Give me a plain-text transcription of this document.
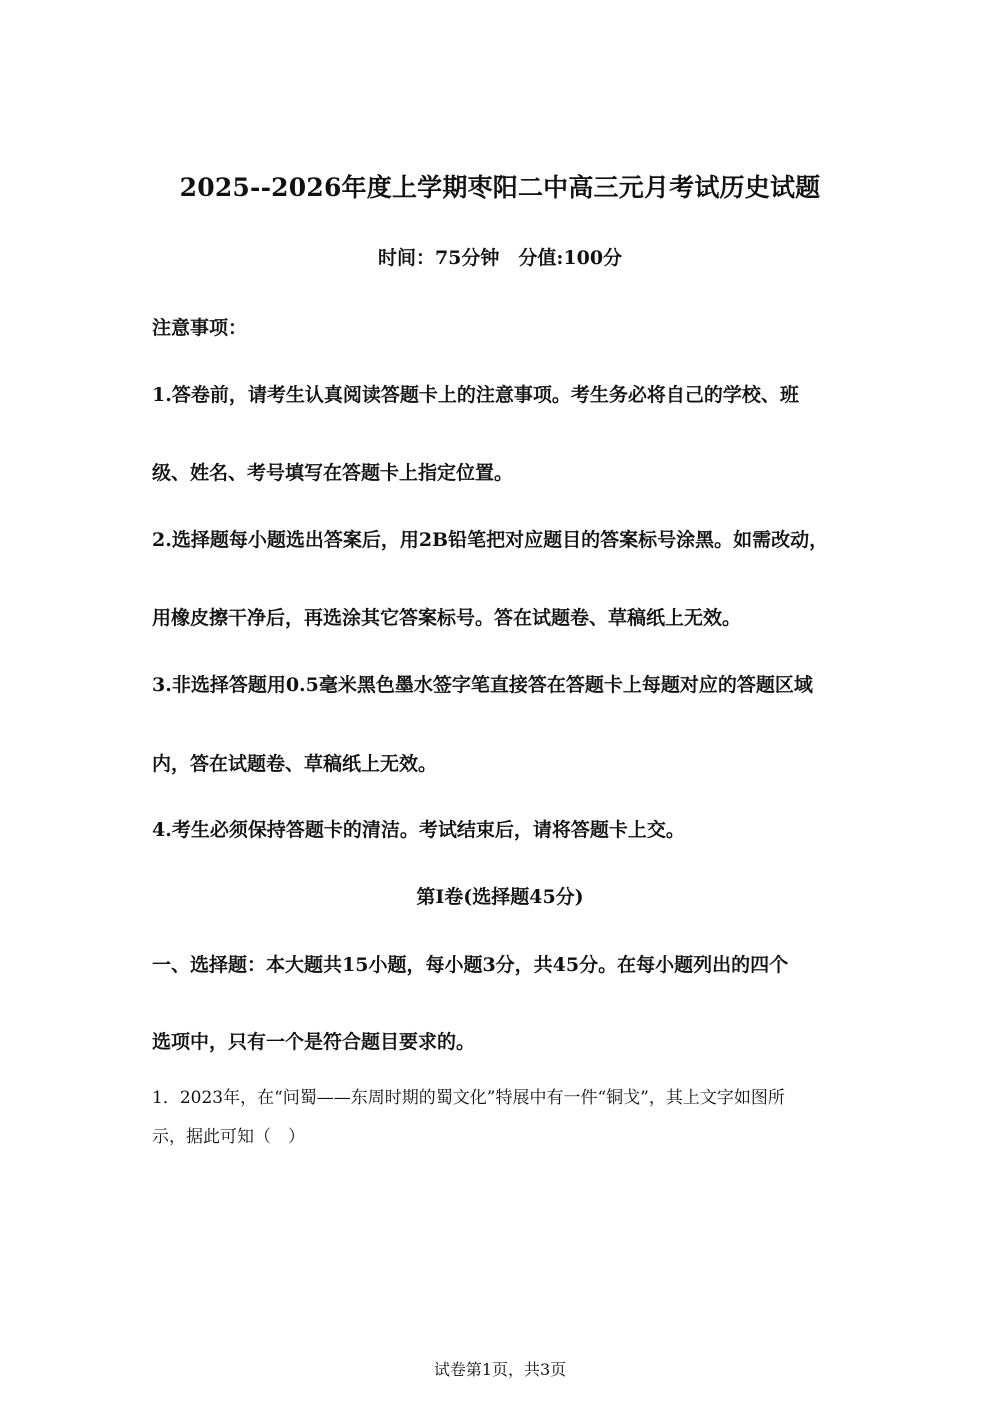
2025--2026年度上学期枣阳二中高三元月考试历史试题
时间：75分钟　分值:100分
注意事项：
1.答卷前，请考生认真阅读答题卡上的注意事项。考生务必将自己的学校、班
级、姓名、考号填写在答题卡上指定位置。
2.选择题每小题选出答案后，用2B铅笔把对应题目的答案标号涂黑。如需改动，
用橡皮擦干净后，再选涂其它答案标号。答在试题卷、草稿纸上无效。
3.非选择答题用0.5毫米黑色墨水签字笔直接答在答题卡上每题对应的答题区域
内，答在试题卷、草稿纸上无效。
4.考生必须保持答题卡的清洁。考试结束后，请将答题卡上交。
第Ⅰ卷(选择题45分)
一、选择题：本大题共15小题，每小题3分，共45分。在每小题列出的四个
选项中，只有一个是符合题目要求的。
1．2023年，在“问蜀——东周时期的蜀文化”特展中有一件“铜戈”，其上文字如图所
示，据此可知（　）
试卷第1页，共3页
